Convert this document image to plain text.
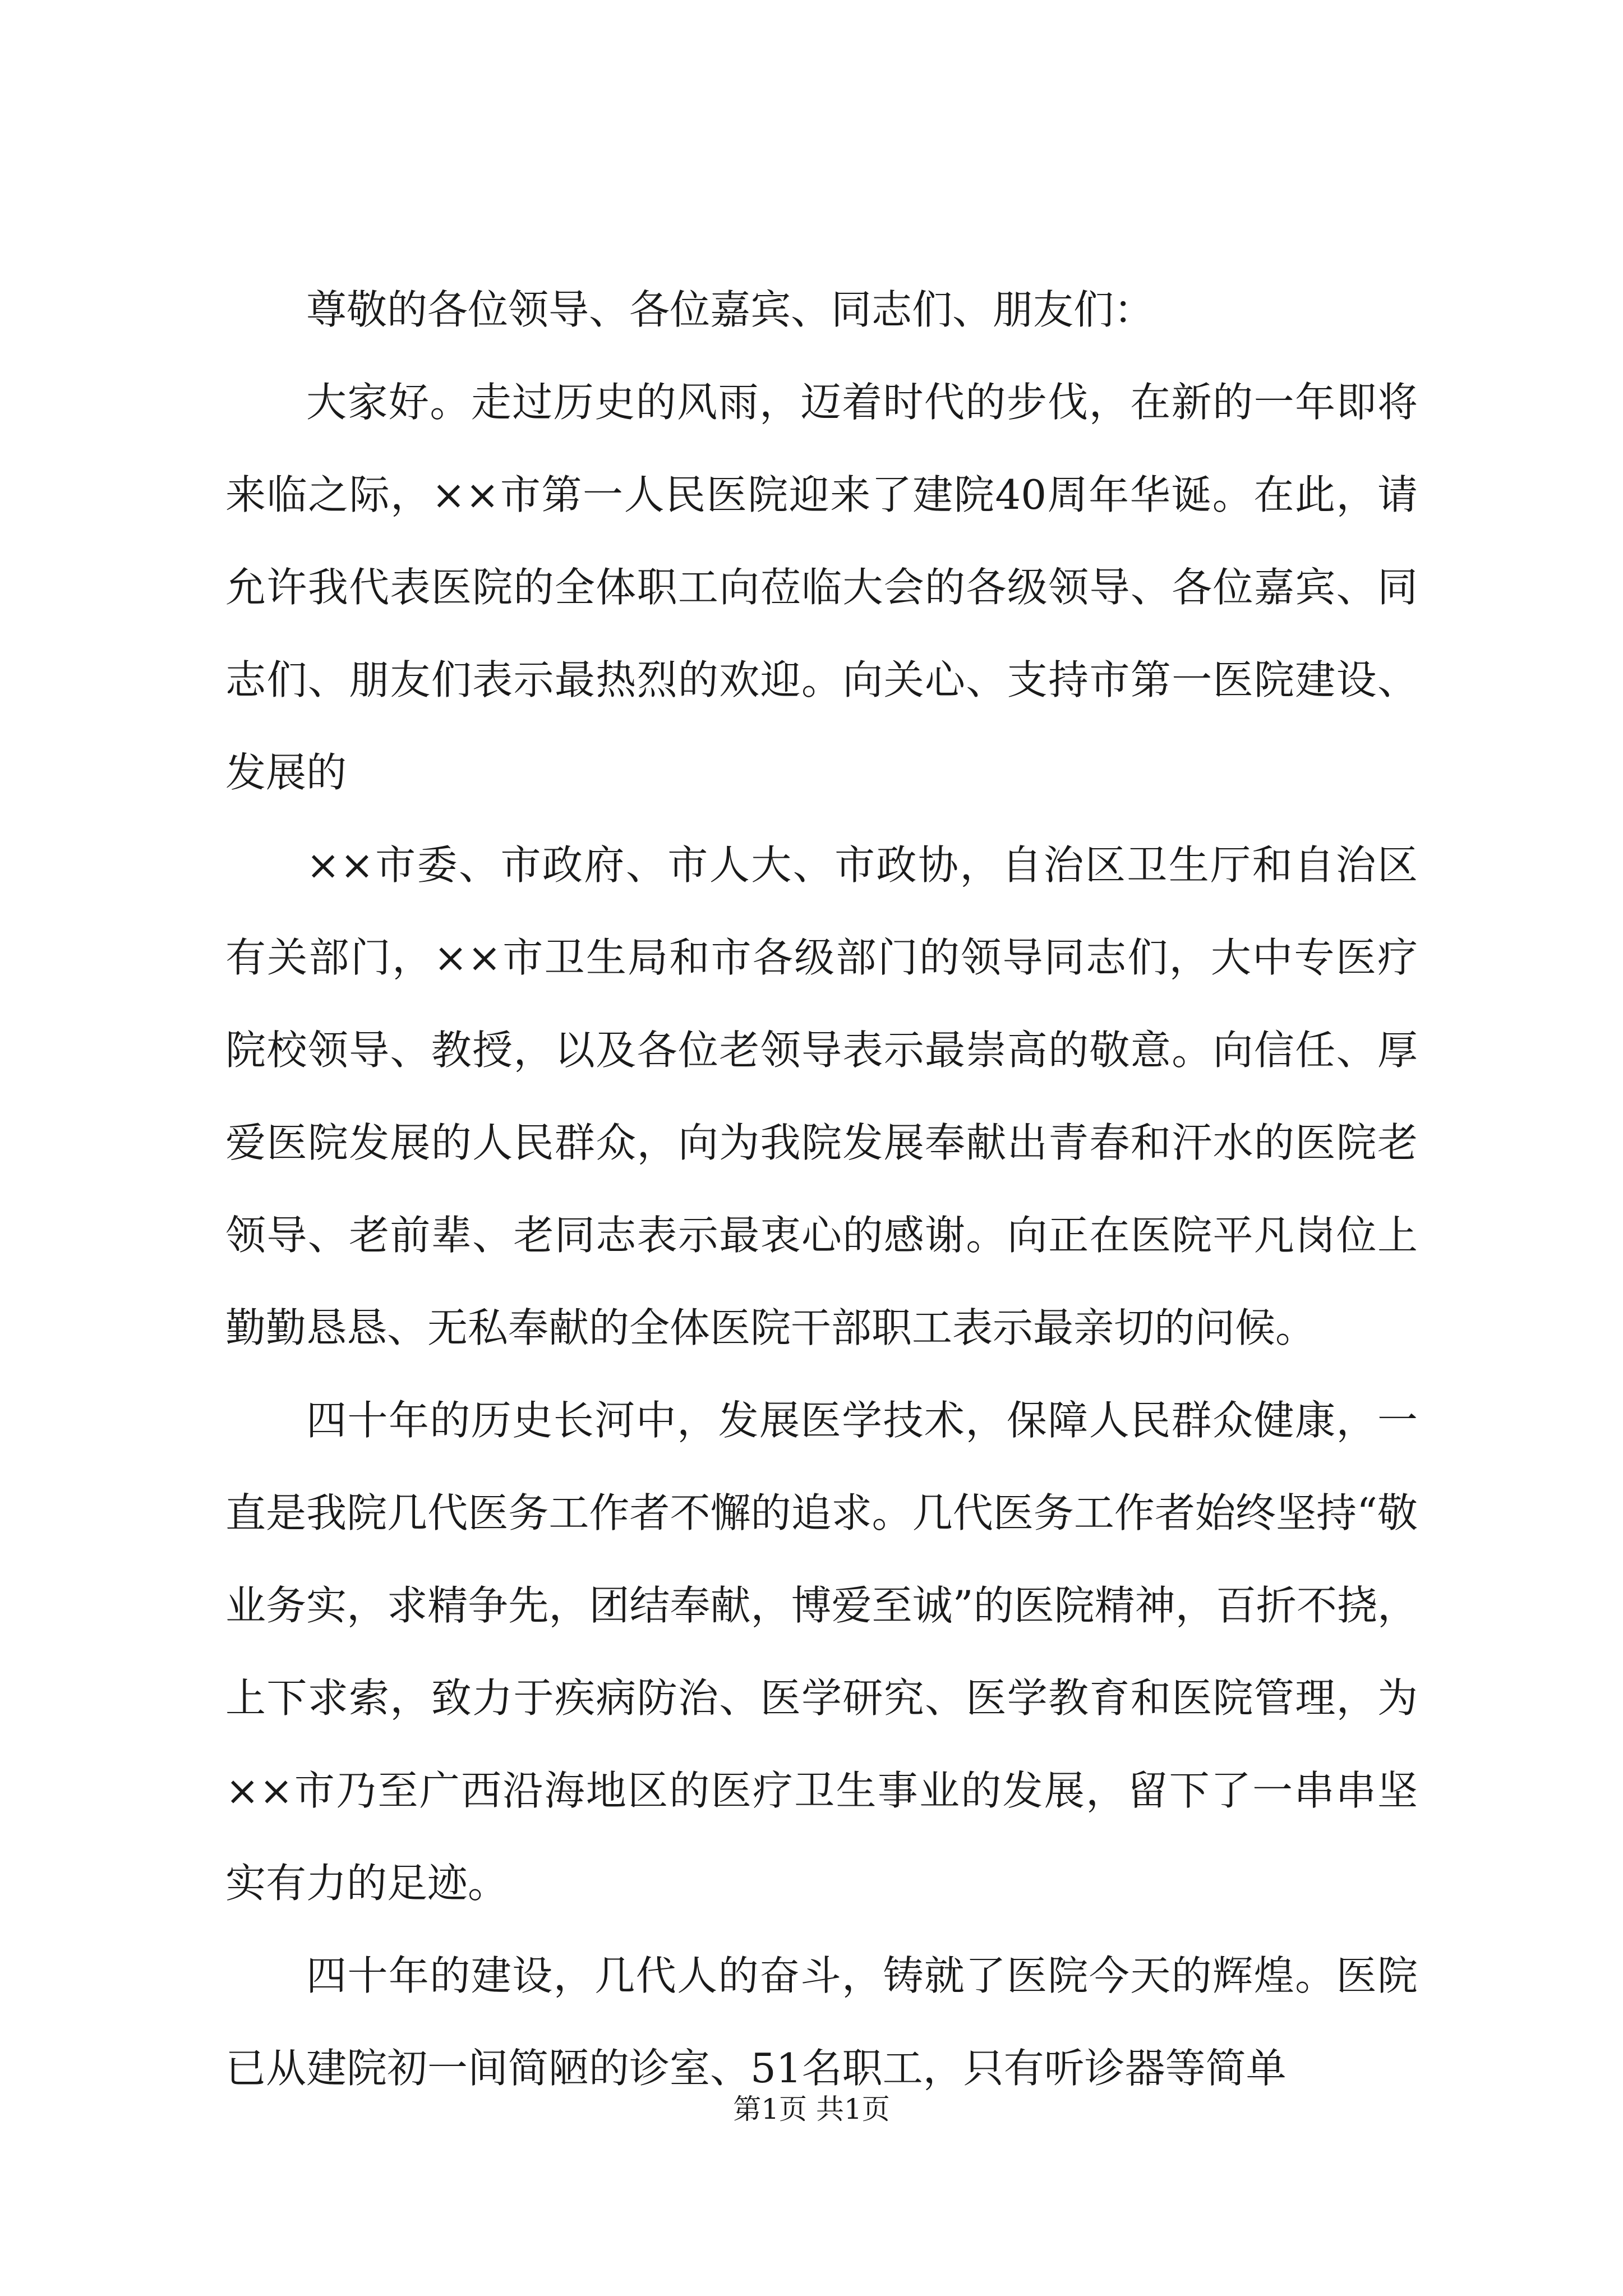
尊敬的各位领导、各位嘉宾、同志们、朋友们：

大家好。走过历史的风雨，迈着时代的步伐，在新的一年即将来临之际，××市第一人民医院迎来了建院40周年华诞。在此，请允许我代表医院的全体职工向莅临大会的各级领导、各位嘉宾、同志们、朋友们表示最热烈的欢迎。向关心、支持市第一医院建设、发展的

××市委、市政府、市人大、市政协，自治区卫生厅和自治区有关部门，××市卫生局和市各级部门的领导同志们，大中专医疗院校领导、教授，以及各位老领导表示最崇高的敬意。向信任、厚爱医院发展的人民群众，向为我院发展奉献出青春和汗水的医院老领导、老前辈、老同志表示最衷心的感谢。向正在医院平凡岗位上勤勤恳恳、无私奉献的全体医院干部职工表示最亲切的问候。

四十年的历史长河中，发展医学技术，保障人民群众健康，一直是我院几代医务工作者不懈的追求。几代医务工作者始终坚持“敬业务实，求精争先，团结奉献，博爱至诚”的医院精神，百折不挠，上下求索，致力于疾病防治、医学研究、医学教育和医院管理，为××市乃至广西沿海地区的医疗卫生事业的发展，留下了一串串坚实有力的足迹。

四十年的建设，几代人的奋斗，铸就了医院今天的辉煌。医院已从建院初一间简陋的诊室、51名职工，只有听诊器等简单

第1页 共1页
